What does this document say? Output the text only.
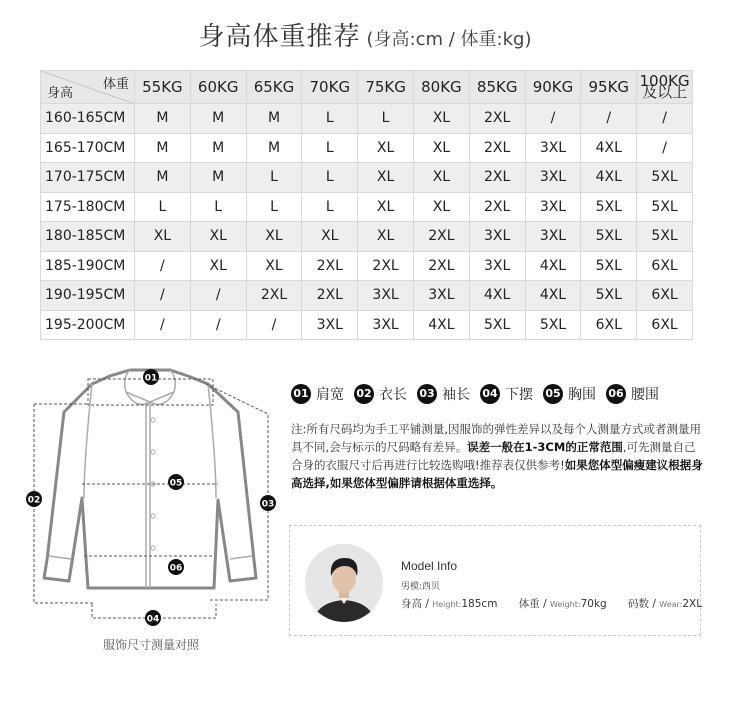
身高体重推荐 (身高:cm / 体重:kg)
体重
身高	55KG	60KG	65KG	70KG	75KG	80KG	85KG	90KG	95KG	100KG及以上
160-165CM	M	M	M	L	L	XL	2XL	/	/	/
165-170CM	M	M	M	L	XL	XL	2XL	3XL	4XL	/
170-175CM	M	M	L	L	XL	XL	2XL	3XL	4XL	5XL
175-180CM	L	L	L	L	XL	XL	2XL	3XL	5XL	5XL
180-185CM	XL	XL	XL	XL	XL	2XL	3XL	3XL	5XL	5XL
185-190CM	/	XL	XL	2XL	2XL	2XL	3XL	4XL	5XL	6XL
190-195CM	/	/	2XL	2XL	3XL	3XL	4XL	4XL	5XL	6XL
195-200CM	/	/	/	3XL	3XL	4XL	5XL	5XL	6XL	6XL
01
02	03
04
05
06
服饰尺寸测量对照
01 肩宽 02 衣长 03 袖长 04 下摆 05 胸围 06 腰围
注:所有尺码均为手工平铺测量,因服饰的弹性差异以及每个人测量方式或者测量用具不同,会与标示的尺码略有差异。误差一般在1-3CM的正常范围,可先测量自己合身的衣服尺寸后再进行比较选购哦!推荐表仅供参考!如果您体型偏瘦建议根据身高选择,如果您体型偏胖请根据体重选择。
Model Info
男模:西贝
身高 / Height:185cm 体重 / Weight:70kg 码数 / Wear:2XL
